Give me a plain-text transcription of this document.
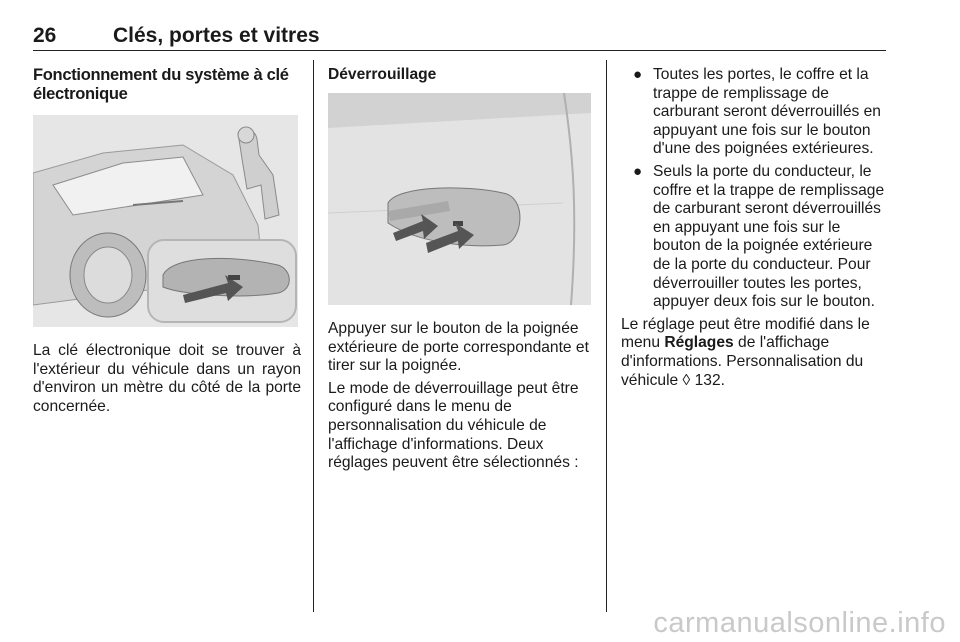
26	Clés, portes et vitres
Fonctionnement du système à clé électronique

La clé électronique doit se trouver à l'extérieur du véhicule dans un rayon d'environ un mètre du côté de la porte concernée.

Déverrouillage

Appuyer sur le bouton de la poignée extérieure de porte correspondante et tirer sur la poignée.

Le mode de déverrouillage peut être configuré dans le menu de personnalisation du véhicule de l'affichage d'informations. Deux réglages peuvent être sélectionnés :

● Toutes les portes, le coffre et la trappe de remplissage de carburant seront déverrouillés en appuyant une fois sur le bouton d'une des poignées extérieures.
● Seuls la porte du conducteur, le coffre et la trappe de remplissage de carburant seront déverrouillés en appuyant une fois sur le bouton de la poignée extérieure de la porte du conducteur. Pour déverrouiller toutes les portes, appuyer deux fois sur le bouton.

Le réglage peut être modifié dans le menu Réglages de l'affichage d'informations. Personnalisation du véhicule ◊ 132.

carmanualsonline.info
